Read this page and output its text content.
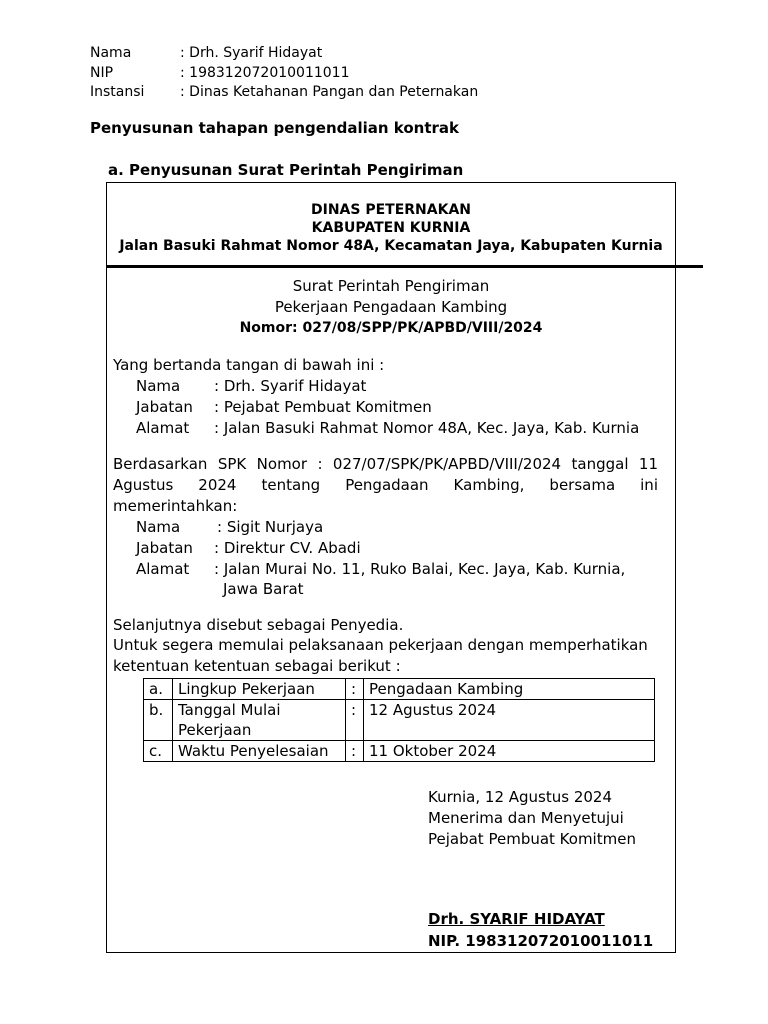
Nama	: Drh. Syarif Hidayat
NIP	: 198312072010011011
Instansi	: Dinas Ketahanan Pangan dan Peternakan
Penyusunan tahapan pengendalian kontrak
a. Penyusunan Surat Perintah Pengiriman
DINAS PETERNAKAN
KABUPATEN KURNIA
Jalan Basuki Rahmat Nomor 48A, Kecamatan Jaya, Kabupaten Kurnia
Surat Perintah Pengiriman
Pekerjaan Pengadaan Kambing
Nomor: 027/08/SPP/PK/APBD/VIII/2024
Yang bertanda tangan di bawah ini :
Nama : Drh. Syarif Hidayat
Jabatan : Pejabat Pembuat Komitmen
Alamat : Jalan Basuki Rahmat Nomor 48A, Kec. Jaya, Kab. Kurnia
Berdasarkan SPK Nomor : 027/07/SPK/PK/APBD/VIII/2024 tanggal 11 Agustus 2024 tentang Pengadaan Kambing, bersama ini memerintahkan:
Nama : Sigit Nurjaya
Jabatan : Direktur CV. Abadi
Alamat : Jalan Murai No. 11, Ruko Balai, Kec. Jaya, Kab. Kurnia,
Jawa Barat
Selanjutnya disebut sebagai Penyedia.
Untuk segera memulai pelaksanaan pekerjaan dengan memperhatikan
ketentuan ketentuan sebagai berikut :
a.	Lingkup Pekerjaan	:	Pengadaan Kambing
b.	Tanggal Mulai Pekerjaan	:	12 Agustus 2024
c.	Waktu Penyelesaian	:	11 Oktober 2024
Kurnia, 12 Agustus 2024
Menerima dan Menyetujui
Pejabat Pembuat Komitmen
Drh. SYARIF HIDAYAT
NIP. 198312072010011011
